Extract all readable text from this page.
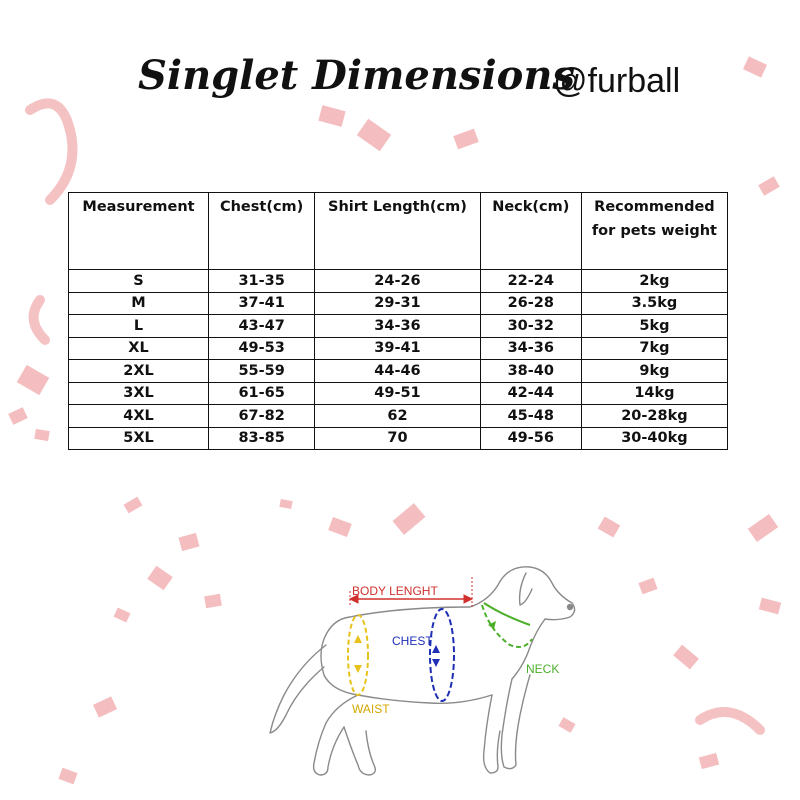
Singlet Dimensions
@furball
Measurement	Chest(cm)	Shirt Length(cm)	Neck(cm)	Recommended for pets weight
S	31-35	24-26	22-24	2kg
M	37-41	29-31	26-28	3.5kg
L	43-47	34-36	30-32	5kg
XL	49-53	39-41	34-36	7kg
2XL	55-59	44-46	38-40	9kg
3XL	61-65	49-51	42-44	14kg
4XL	67-82	62	45-48	20-28kg
5XL	83-85	70	49-56	30-40kg
BODY LENGHT
WAIST
CHEST
NECK
